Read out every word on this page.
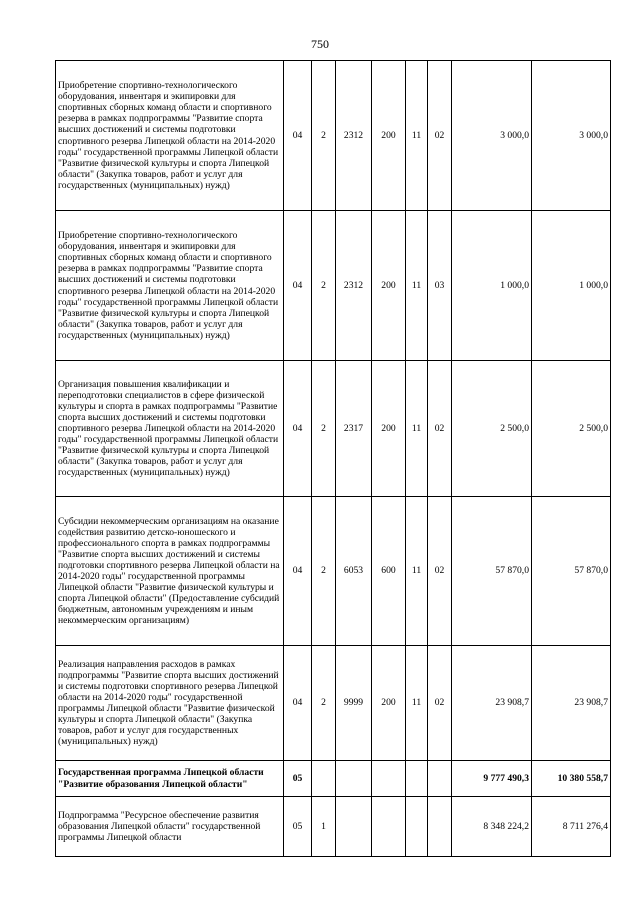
750
Приобретение спортивно-технологического оборудования, инвентаря и экипировки для спортивных сборных команд области и спортивного резерва в рамках подпрограммы "Развитие спорта высших достижений и системы подготовки спортивного резерва Липецкой области на 2014-2020 годы" государственной программы Липецкой области "Развитие физической культуры и спорта Липецкой области" (Закупка товаров, работ и услуг для государственных (муниципальных) нужд)	04	2	2312	200	11	02	3 000,0	3 000,0
Приобретение спортивно-технологического оборудования, инвентаря и экипировки для спортивных сборных команд области и спортивного резерва в рамках подпрограммы "Развитие спорта высших достижений и системы подготовки спортивного резерва Липецкой области на 2014-2020 годы" государственной программы Липецкой области "Развитие физической культуры и спорта Липецкой области" (Закупка товаров, работ и услуг для государственных (муниципальных) нужд)	04	2	2312	200	11	03	1 000,0	1 000,0
Организация повышения квалификации и переподготовки специалистов в сфере физической культуры и спорта в рамках подпрограммы "Развитие спорта высших достижений и системы подготовки спортивного резерва Липецкой области на 2014-2020 годы" государственной программы Липецкой области "Развитие физической культуры и спорта Липецкой области" (Закупка товаров, работ и услуг для государственных (муниципальных) нужд)	04	2	2317	200	11	02	2 500,0	2 500,0
Субсидии некоммерческим организациям на оказание содействия развитию детско-юношеского и профессионального спорта в рамках подпрограммы "Развитие спорта высших достижений и системы подготовки спортивного резерва Липецкой области на 2014-2020 годы" государственной программы Липецкой области "Развитие физической культуры и спорта Липецкой области" (Предоставление субсидий бюджетным, автономным учреждениям и иным некоммерческим организациям)	04	2	6053	600	11	02	57 870,0	57 870,0
Реализация направления расходов в рамках подпрограммы "Развитие спорта высших достижений и системы подготовки спортивного резерва Липецкой области на 2014-2020 годы" государственной программы Липецкой области "Развитие физической культуры и спорта Липецкой области" (Закупка товаров, работ и услуг для государственных (муниципальных) нужд)	04	2	9999	200	11	02	23 908,7	23 908,7
Государственная программа Липецкой области "Развитие образования Липецкой области"	05						9 777 490,3	10 380 558,7
Подпрограмма "Ресурсное обеспечение развития образования Липецкой области" государственной программы Липецкой области	05	1					8 348 224,2	8 711 276,4
